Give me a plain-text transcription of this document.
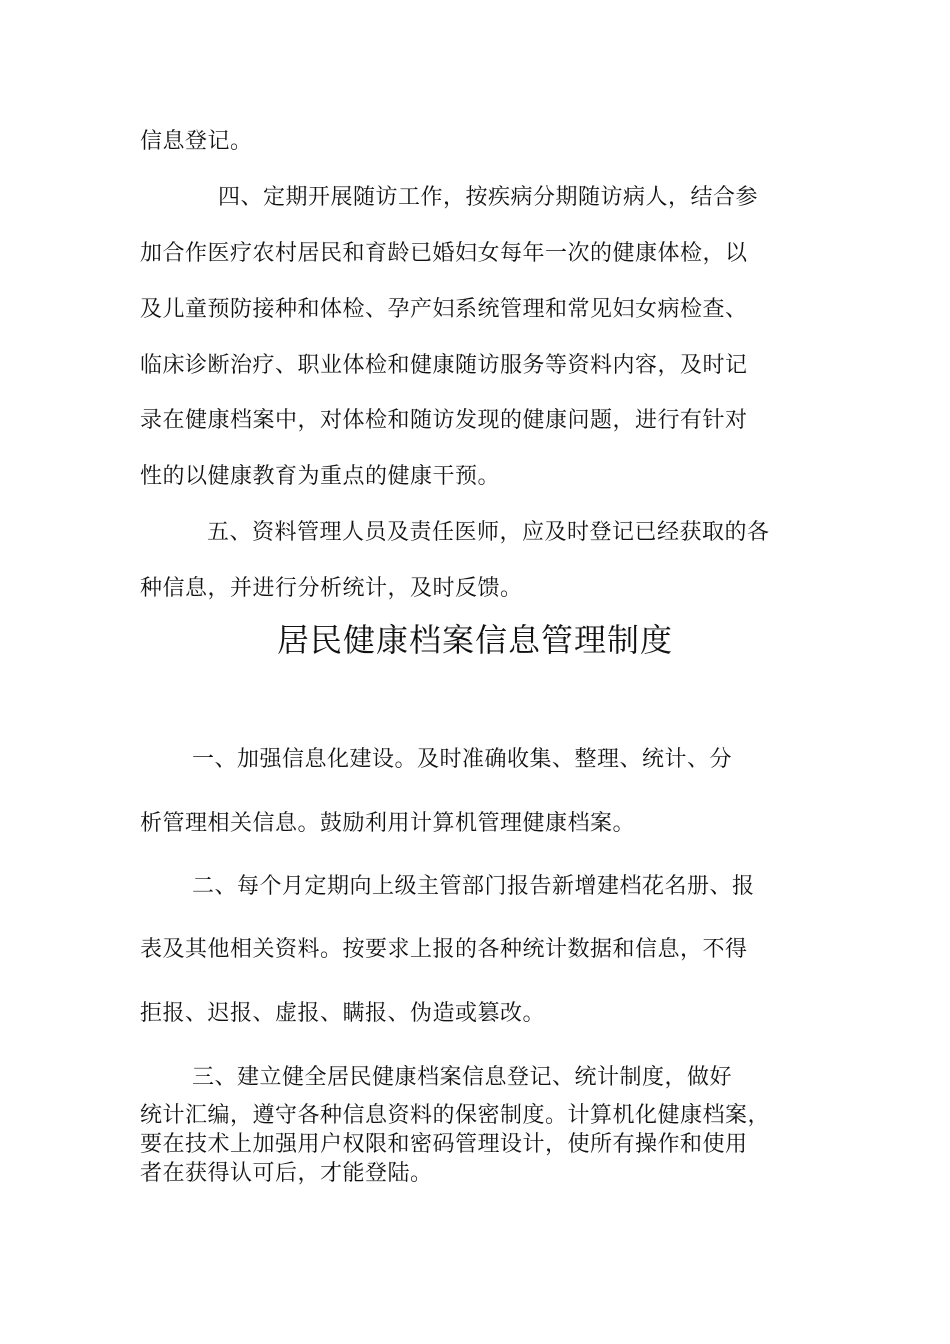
信息登记。
四、定期开展随访工作，按疾病分期随访病人，结合参
加合作医疗农村居民和育龄已婚妇女每年一次的健康体检，以
及儿童预防接种和体检、孕产妇系统管理和常见妇女病检查、
临床诊断治疗、职业体检和健康随访服务等资料内容，及时记
录在健康档案中，对体检和随访发现的健康问题，进行有针对
性的以健康教育为重点的健康干预。
五、资料管理人员及责任医师，应及时登记已经获取的各
种信息，并进行分析统计，及时反馈。
居民健康档案信息管理制度
一、加强信息化建设。及时准确收集、整理、统计、分
析管理相关信息。鼓励利用计算机管理健康档案。
二、每个月定期向上级主管部门报告新增建档花名册、报
表及其他相关资料。按要求上报的各种统计数据和信息，不得
拒报、迟报、虚报、瞒报、伪造或篡改。
三、建立健全居民健康档案信息登记、统计制度，做好
统计汇编，遵守各种信息资料的保密制度。计算机化健康档案，
要在技术上加强用户权限和密码管理设计，使所有操作和使用
者在获得认可后，才能登陆。
